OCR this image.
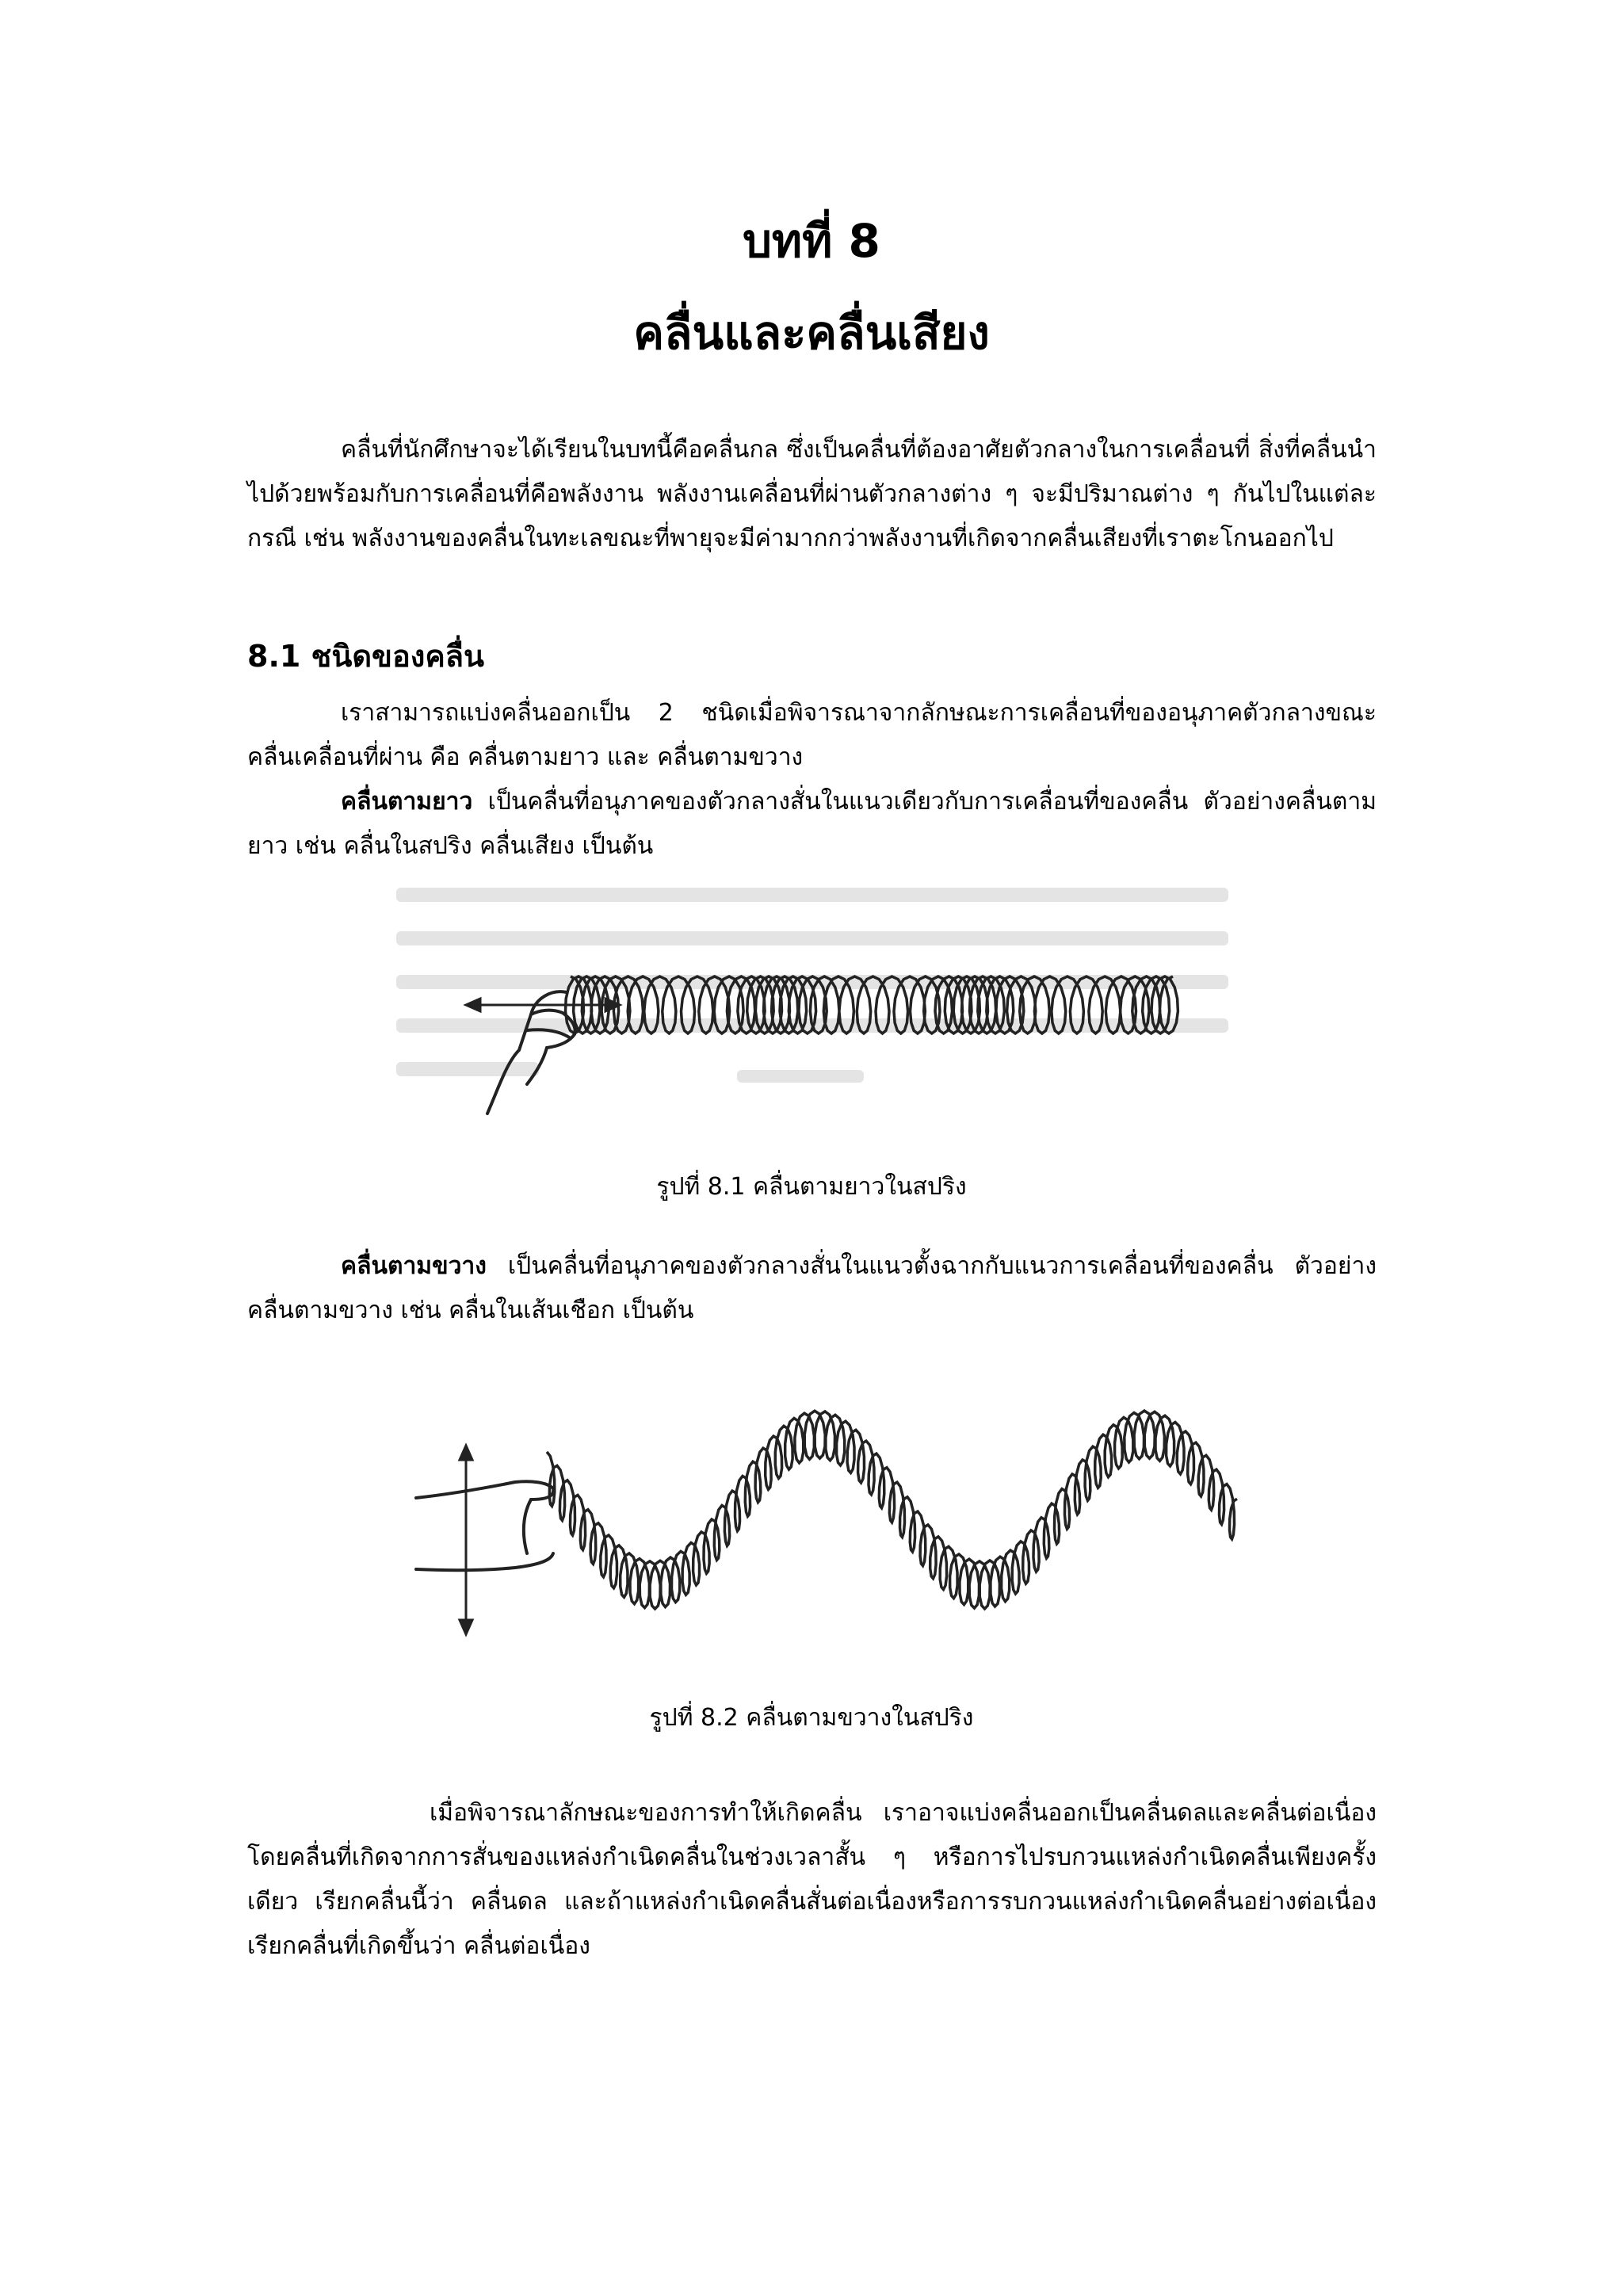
บทที่ 8
คลื่นและคลื่นเสียง

คลื่นที่นักศึกษาจะได้เรียนในบทนี้คือคลื่นกล ซึ่งเป็นคลื่นที่ต้องอาศัยตัวกลางในการเคลื่อนที่ สิ่งที่คลื่นนำไปด้วยพร้อมกับการเคลื่อนที่คือพลังงาน พลังงานเคลื่อนที่ผ่านตัวกลางต่าง ๆ จะมีปริมาณต่าง ๆ กันไปในแต่ละกรณี เช่น พลังงานของคลื่นในทะเลขณะที่พายุจะมีค่ามากกว่าพลังงานที่เกิดจากคลื่นเสียงที่เราตะโกนออกไป

8.1 ชนิดของคลื่น

เราสามารถแบ่งคลื่นออกเป็น 2 ชนิดเมื่อพิจารณาจากลักษณะการเคลื่อนที่ของอนุภาคตัวกลางขณะคลื่นเคลื่อนที่ผ่าน คือ คลื่นตามยาว และ คลื่นตามขวาง

คลื่นตามยาว เป็นคลื่นที่อนุภาคของตัวกลางสั่นในแนวเดียวกับการเคลื่อนที่ของคลื่น ตัวอย่างคลื่นตามยาว เช่น คลื่นในสปริง คลื่นเสียง เป็นต้น

รูปที่ 8.1 คลื่นตามยาวในสปริง

คลื่นตามขวาง เป็นคลื่นที่อนุภาคของตัวกลางสั่นในแนวตั้งฉากกับแนวการเคลื่อนที่ของคลื่น ตัวอย่างคลื่นตามขวาง เช่น คลื่นในเส้นเชือก เป็นต้น

รูปที่ 8.2 คลื่นตามขวางในสปริง

เมื่อพิจารณาลักษณะของการทำให้เกิดคลื่น เราอาจแบ่งคลื่นออกเป็นคลื่นดลและคลื่นต่อเนื่อง โดยคลื่นที่เกิดจากการสั่นของแหล่งกำเนิดคลื่นในช่วงเวลาสั้น ๆ หรือการไปรบกวนแหล่งกำเนิดคลื่นเพียงครั้งเดียว เรียกคลื่นนี้ว่า คลื่นดล และถ้าแหล่งกำเนิดคลื่นสั่นต่อเนื่องหรือการรบกวนแหล่งกำเนิดคลื่นอย่างต่อเนื่อง เรียกคลื่นที่เกิดขึ้นว่า คลื่นต่อเนื่อง
